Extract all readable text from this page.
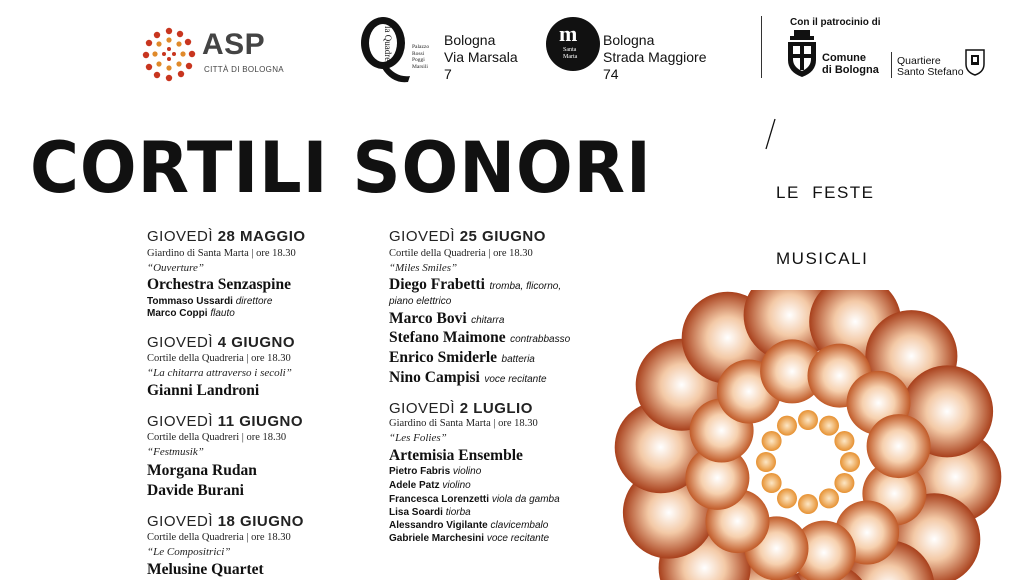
ASP
CITTÀ DI BOLOGNA
la Quadreria
Palazzo
Rossi
Poggi
Marsili
Bologna
Via Marsala
7
m
Santa
Marta
Bologna
Strada Maggiore
74
Con il patrocinio di
Comune
di Bologna
Quartiere
Santo Stefano
CORTILI SONORI

	LE  FESTE

MUSICALI

GIOVEDÌ 28 MAGGIO
Giardino di Santa Marta | ore 18.30
“Ouverture”
Orchestra Senzaspine
Tommaso Ussardi direttore
Marco Coppi flauto
GIOVEDÌ 4 GIUGNO
Cortile della Quadreria | ore 18.30
“La chitarra attraverso i secoli”
Gianni Landroni
GIOVEDÌ 11 GIUGNO
Cortile della Quadreri | ore 18.30
“Festmusik”
Morgana Rudan
Davide Burani
GIOVEDÌ 18 GIUGNO
Cortile della Quadreria | ore 18.30
“Le Compositrici”
Melusine Quartet
GIOVEDÌ 25 GIUGNO
Cortile della Quadreria | ore 18.30
“Miles Smiles”
Diego Frabetti tromba, flicorno,
piano elettrico
Marco Bovi chitarra
Stefano Maimone contrabbasso
Enrico Smiderle batteria
Nino Campisi voce recitante
GIOVEDÌ 2 LUGLIO
Giardino di Santa Marta | ore 18.30
“Les Folies”
Artemisia Ensemble
Pietro Fabris violino
Adele Patz violino
Francesca Lorenzetti viola da gamba
Lisa Soardi tiorba
Alessandro Vigilante clavicembalo
Gabriele Marchesini voce recitante
